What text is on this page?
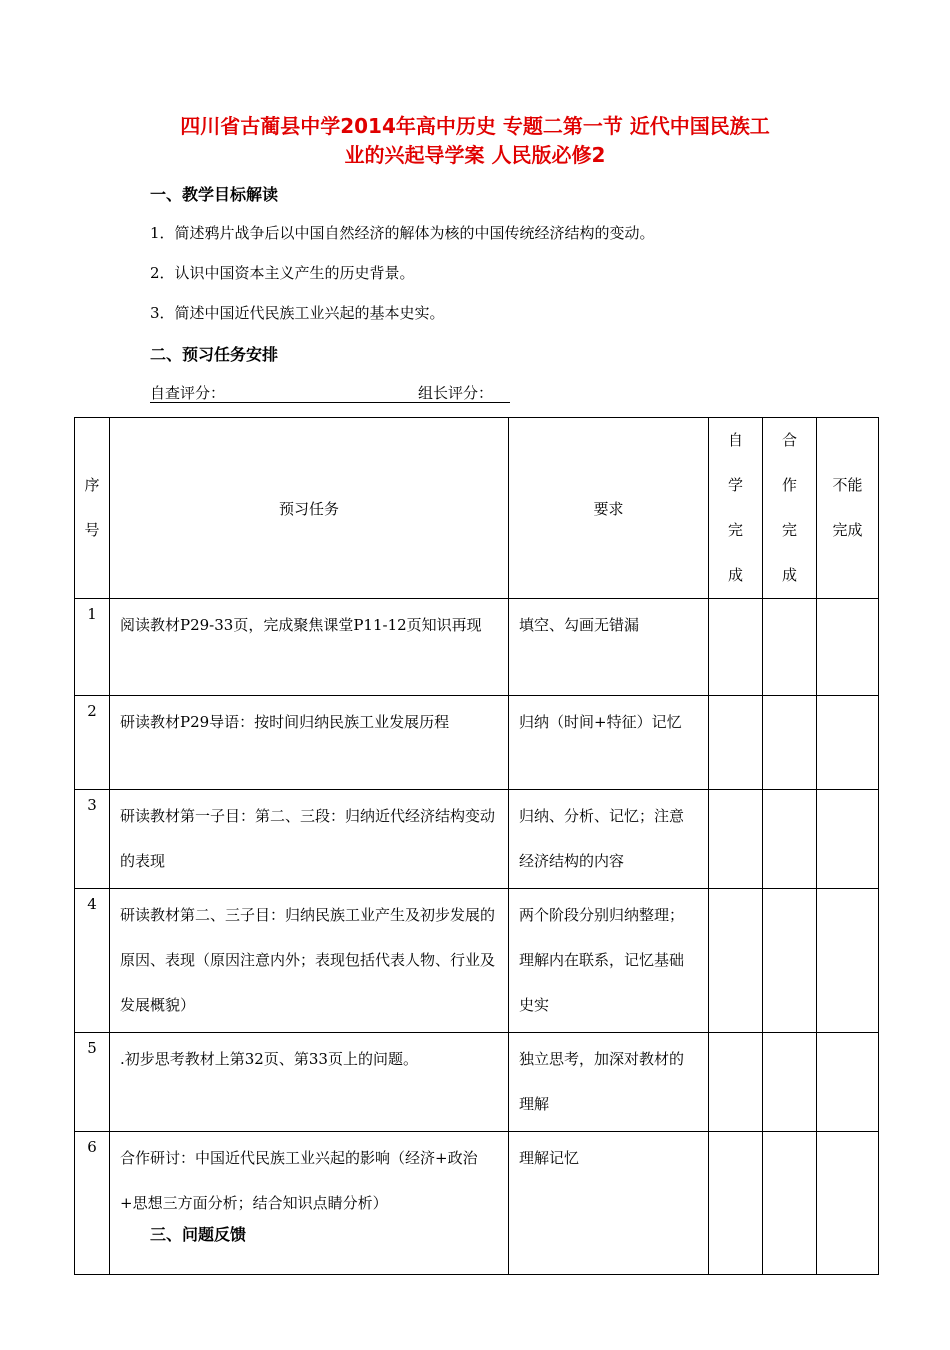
四川省古蔺县中学2014年高中历史 专题二第一节 近代中国民族工
业的兴起导学案 人民版必修2
一、教学目标解读
1．简述鸦片战争后以中国自然经济的解体为核的中国传统经济结构的变动。
2．认识中国资本主义产生的历史背景。
3．简述中国近代民族工业兴起的基本史实。
二、预习任务安排
自查评分：	组长评分：
序号	预习任务	要求	自学完成	合作完成	不能完成
1	阅读教材P29-33页，完成聚焦课堂P11-12页知识再现	填空、勾画无错漏			
2	研读教材P29导语：按时间归纳民族工业发展历程	归纳（时间+特征）记忆			
3	研读教材第一子目：第二、三段：归纳近代经济结构变动的表现	归纳、分析、记忆；注意经济结构的内容			
4	研读教材第二、三子目：归纳民族工业产生及初步发展的原因、表现（原因注意内外；表现包括代表人物、行业及发展概貌）	两个阶段分别归纳整理；理解内在联系，记忆基础史实			
5	.初步思考教材上第32页、第33页上的问题。	独立思考，加深对教材的理解			
6	合作研讨：中国近代民族工业兴起的影响（经济+政治+思想三方面分析；结合知识点睛分析）	理解记忆			
三、问题反馈
